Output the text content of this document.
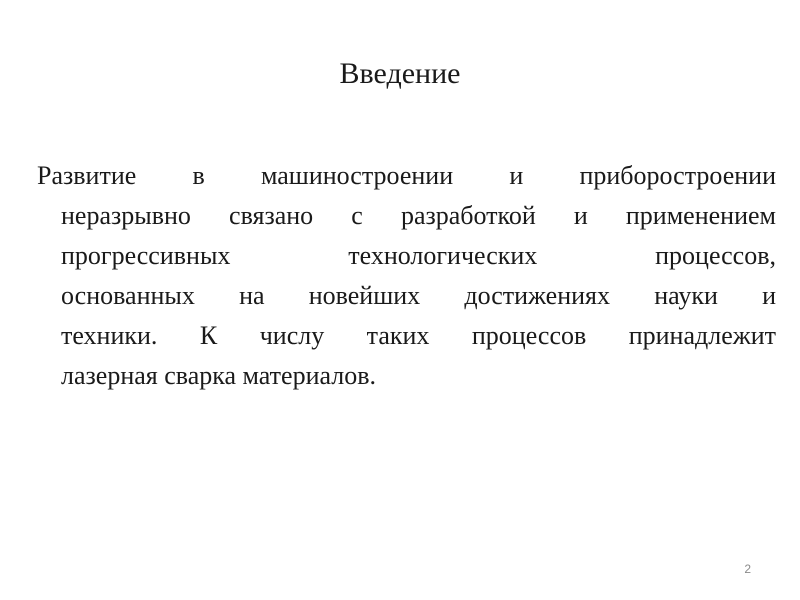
Введение
Развитие в машиностроении и приборостроении
неразрывно связано с разработкой и применением
прогрессивных технологических процессов,
основанных на новейших достижениях науки и
техники. К числу таких процессов принадлежит
лазерная сварка материалов.
2
